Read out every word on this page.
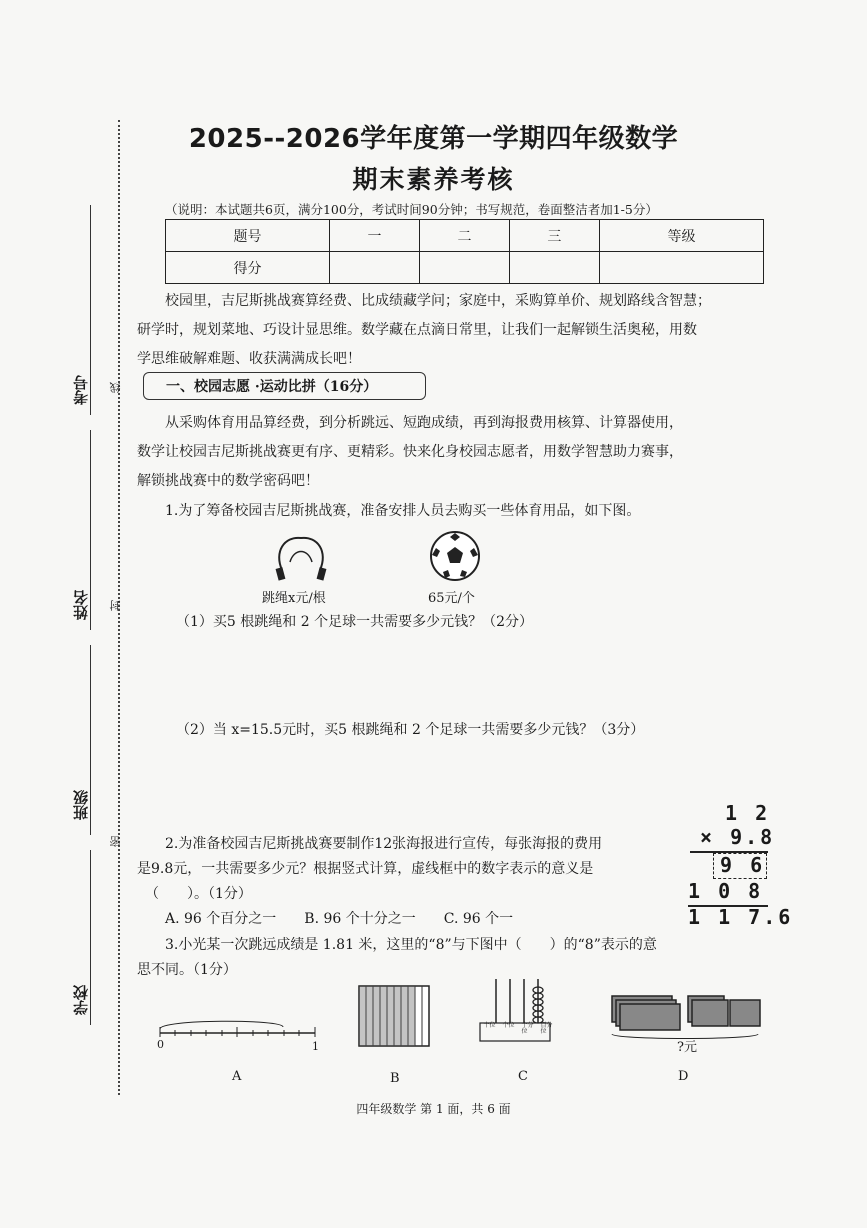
考号 线
姓名 封
班级
密
学校
2025--2026学年度第一学期四年级数学
期末素养考核
（说明：本试题共6页，满分100分，考试时间90分钟；书写规范，卷面整洁者加1-5分）
题号	一	二	三	等级
得分				
校园里，吉尼斯挑战赛算经费、比成绩藏学问；家庭中，采购算单价、规划路线含智慧；
研学时，规划菜地、巧设计显思维。数学藏在点滴日常里，让我们一起解锁生活奥秘，用数
学思维破解难题、收获满满成长吧！
一、校园志愿 ·运动比拼（16分）
从采购体育用品算经费，到分析跳远、短跑成绩，再到海报费用核算、计算器使用，
数学让校园吉尼斯挑战赛更有序、更精彩。快来化身校园志愿者，用数学智慧助力赛事，
解锁挑战赛中的数学密码吧！
1.为了筹备校园吉尼斯挑战赛，准备安排人员去购买一些体育用品，如下图。
跳绳x元/根	65元/个
（1）买5 根跳绳和 2 个足球一共需要多少元钱？（2分）
（2）当 x=15.5元时，买5 根跳绳和 2 个足球一共需要多少元钱？（3分）
2.为准备校园吉尼斯挑战赛要制作12张海报进行宣传，每张海报的费用
是9.8元，一共需要多少元？根据竖式计算，虚线框中的数字表示的意义是
（　　）。（1分）
A. 96 个百分之一　　B. 96 个十分之一　　C. 96 个一
1 2
× 9.8
9 6
1 0 8
1 1 7.6
3.小光某一次跳远成绩是 1.81 米，这里的“8”与下图中（　　）的“8”表示的意
思不同。（1分）
0	1
十位 个位 十分位
百分位
?元
A	B	C	D
四年级数学 第 1 面，共 6 面
